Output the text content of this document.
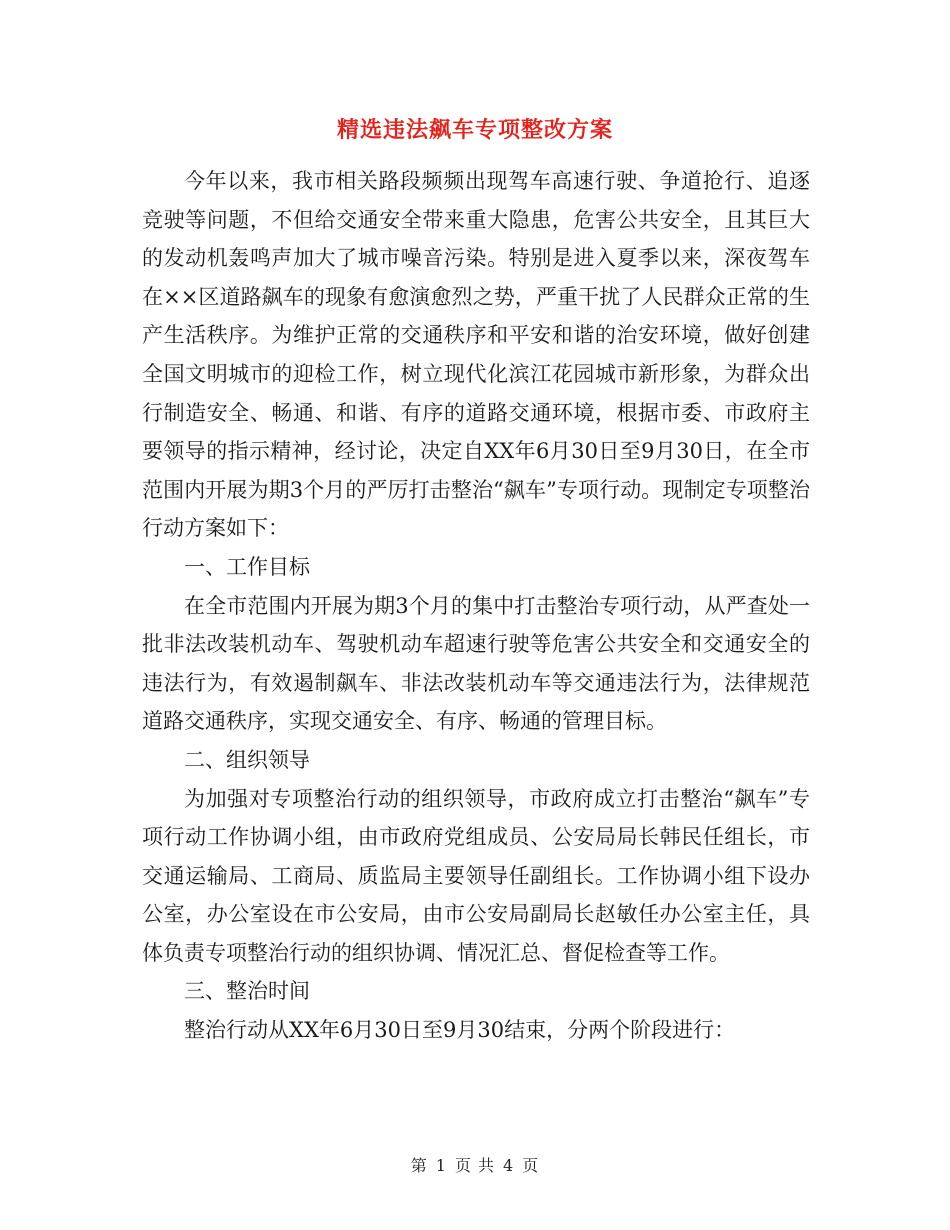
精选违法飙车专项整改方案

今年以来，我市相关路段频频出现驾车高速行驶、争道抢行、追逐竞驶等问题，不但给交通安全带来重大隐患，危害公共安全，且其巨大的发动机轰鸣声加大了城市噪音污染。特别是进入夏季以来，深夜驾车在××区道路飙车的现象有愈演愈烈之势，严重干扰了人民群众正常的生产生活秩序。为维护正常的交通秩序和平安和谐的治安环境，做好创建全国文明城市的迎检工作，树立现代化滨江花园城市新形象，为群众出行制造安全、畅通、和谐、有序的道路交通环境，根据市委、市政府主要领导的指示精神，经讨论，决定自XX年6月30日至9月30日，在全市范围内开展为期3个月的严厉打击整治“飙车”专项行动。现制定专项整治行动方案如下：

一、工作目标

在全市范围内开展为期3个月的集中打击整治专项行动，从严查处一批非法改装机动车、驾驶机动车超速行驶等危害公共安全和交通安全的违法行为，有效遏制飙车、非法改装机动车等交通违法行为，法律规范道路交通秩序，实现交通安全、有序、畅通的管理目标。

二、组织领导

为加强对专项整治行动的组织领导，市政府成立打击整治“飙车”专项行动工作协调小组，由市政府党组成员、公安局局长韩民任组长，市交通运输局、工商局、质监局主要领导任副组长。工作协调小组下设办公室，办公室设在市公安局，由市公安局副局长赵敏任办公室主任，具体负责专项整治行动的组织协调、情况汇总、督促检查等工作。

三、整治时间

整治行动从XX年6月30日至9月30结束，分两个阶段进行：

第 1 页 共 4 页
